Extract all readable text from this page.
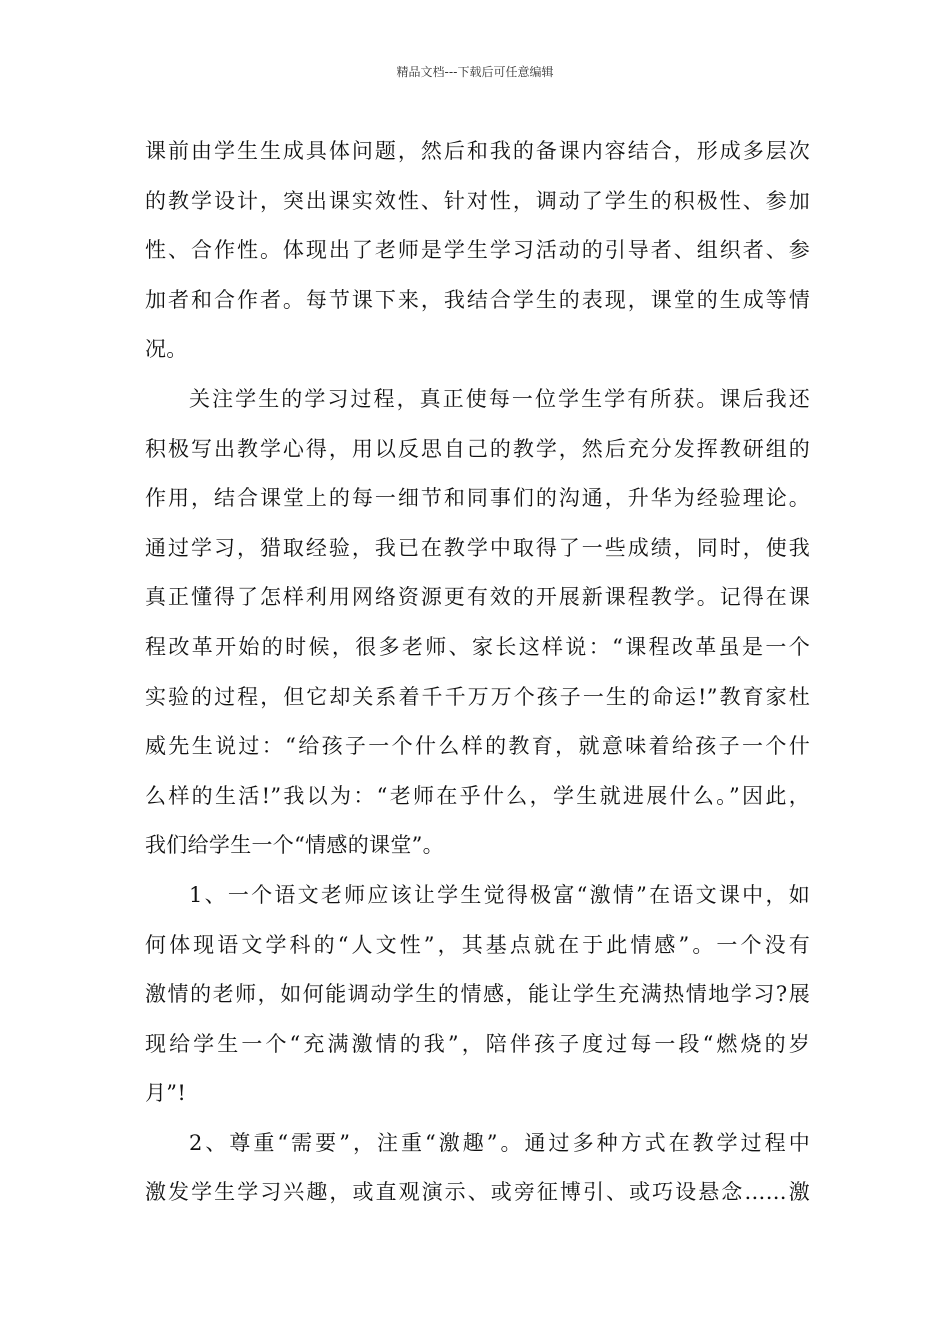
精品文档---下载后可任意编辑
课前由学生生成具体问题，然后和我的备课内容结合，形成多层次
的教学设计，突出课实效性、针对性，调动了学生的积极性、参加
性、合作性。体现出了老师是学生学习活动的引导者、组织者、参
加者和合作者。每节课下来，我结合学生的表现，课堂的生成等情
况。
关注学生的学习过程，真正使每一位学生学有所获。课后我还
积极写出教学心得，用以反思自己的教学，然后充分发挥教研组的
作用，结合课堂上的每一细节和同事们的沟通，升华为经验理论。
通过学习，猎取经验，我已在教学中取得了一些成绩，同时，使我
真正懂得了怎样利用网络资源更有效的开展新课程教学。记得在课
程改革开始的时候，很多老师、家长这样说：“课程改革虽是一个
实验的过程，但它却关系着千千万万个孩子一生的命运!”教育家杜
威先生说过：“给孩子一个什么样的教育，就意味着给孩子一个什
么样的生活!”我以为：“老师在乎什么，学生就进展什么。”因此，
我们给学生一个“情感的课堂”。
1、一个语文老师应该让学生觉得极富“激情”在语文课中，如
何体现语文学科的“人文性”，其基点就在于此情感”。一个没有
激情的老师，如何能调动学生的情感，能让学生充满热情地学习?展
现给学生一个“充满激情的我”，陪伴孩子度过每一段“燃烧的岁
月”!
2、尊重“需要”，注重“激趣”。通过多种方式在教学过程中
激发学生学习兴趣，或直观演示、或旁征博引、或巧设悬念……激
